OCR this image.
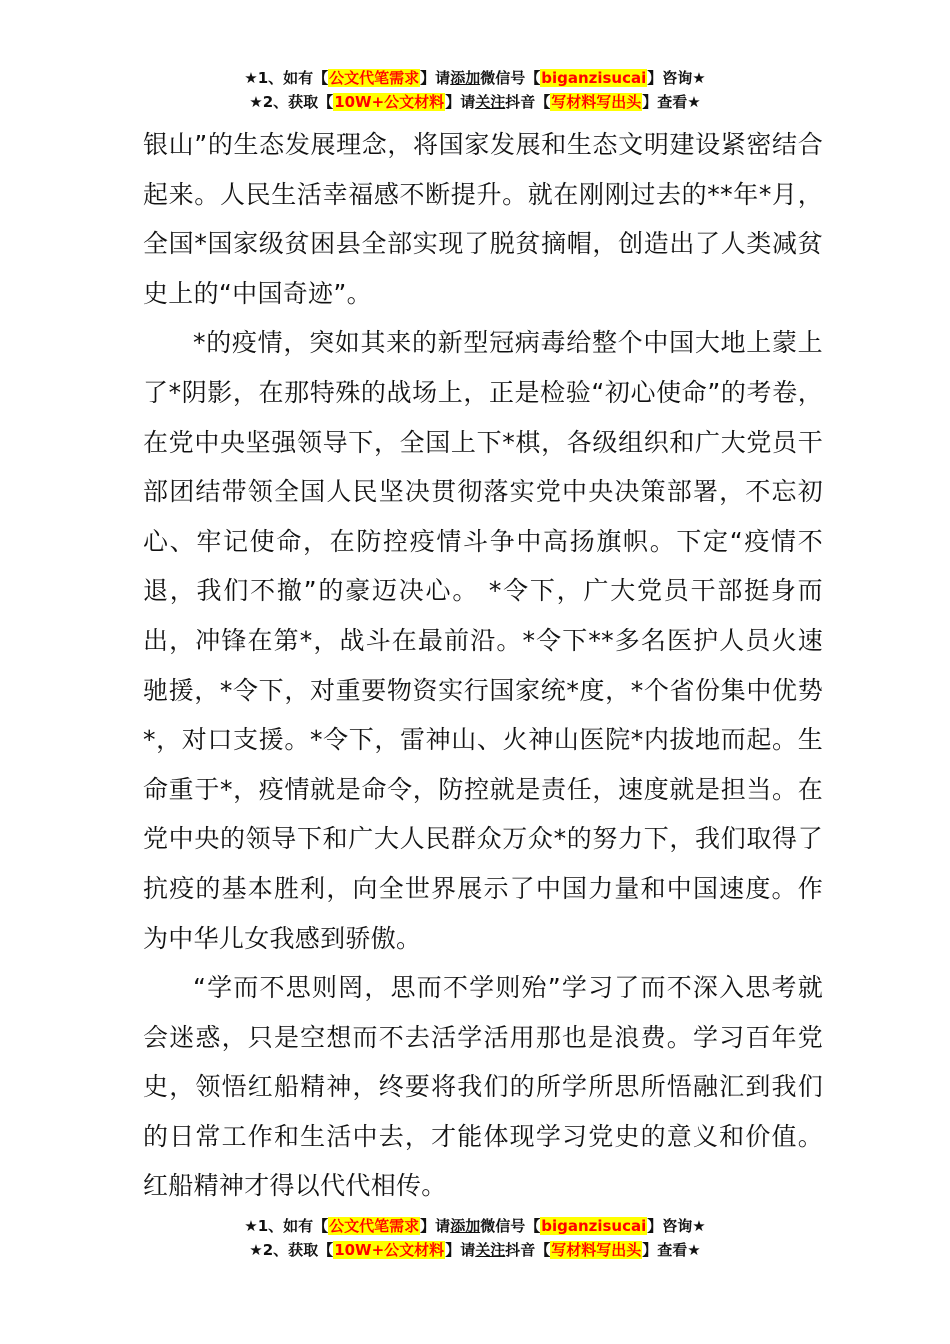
★1、如有【公文代笔需求】请添加微信号【biganzisucai】咨询★
★2、获取【10W+公文材料】请关注抖音【写材料写出头】查看★

银山”的生态发展理念，将国家发展和生态文明建设紧密结合起来。人民生活幸福感不断提升。就在刚刚过去的**年*月，全国*国家级贫困县全部实现了脱贫摘帽，创造出了人类减贫史上的“中国奇迹”。

*的疫情，突如其来的新型冠病毒给整个中国大地上蒙上了*阴影，在那特殊的战场上，正是检验“初心使命”的考卷，在党中央坚强领导下，全国上下*棋，各级组织和广大党员干部团结带领全国人民坚决贯彻落实党中央决策部署，不忘初心、牢记使命，在防控疫情斗争中高扬旗帜。下定“疫情不退，我们不撤”的豪迈决心。 *令下，广大党员干部挺身而出，冲锋在第*，战斗在最前沿。*令下**多名医护人员火速驰援，*令下，对重要物资实行国家统*度，*个省份集中优势*，对口支援。*令下，雷神山、火神山医院*内拔地而起。生命重于*，疫情就是命令，防控就是责任，速度就是担当。在党中央的领导下和广大人民群众万众*的努力下，我们取得了抗疫的基本胜利，向全世界展示了中国力量和中国速度。作为中华儿女我感到骄傲。

“学而不思则罔，思而不学则殆”学习了而不深入思考就会迷惑，只是空想而不去活学活用那也是浪费。学习百年党史，领悟红船精神，终要将我们的所学所思所悟融汇到我们的日常工作和生活中去，才能体现学习党史的意义和价值。红船精神才得以代代相传。

★1、如有【公文代笔需求】请添加微信号【biganzisucai】咨询★
★2、获取【10W+公文材料】请关注抖音【写材料写出头】查看★
